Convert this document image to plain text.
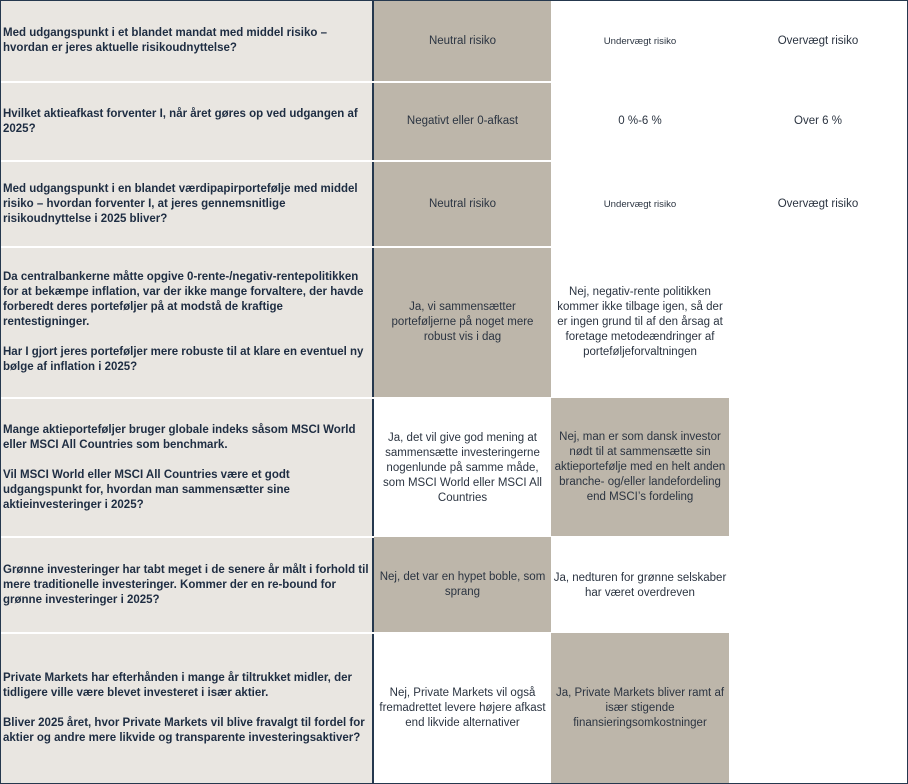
Med udgangspunkt i et blandet mandat med middel risiko – hvordan er jeres aktuelle risikoudnyttelse?	Neutral risiko	Undervægt risiko	Overvægt risiko

Hvilket aktieafkast forventer I, når året gøres op ved udgangen af 2025?	Negativt eller 0-afkast	0 %-6 %	Over 6 %

Med udgangspunkt i en blandet værdipapirportefølje med middel risiko – hvordan forventer I, at jeres gennemsnitlige risikoudnyttelse i 2025 bliver?	Neutral risiko	Undervægt risiko	Overvægt risiko

Da centralbankerne måtte opgive 0-rente-/negativ-rentepolitikken for at bekæmpe inflation, var der ikke mange forvaltere, der havde forberedt deres porteføljer på at modstå de kraftige rentestigninger.
Har I gjort jeres porteføljer mere robuste til at klare en eventuel ny bølge af inflation i 2025?	Ja, vi sammensætter porteføljerne på noget mere robust vis i dag	Nej, negativ-rente politikken kommer ikke tilbage igen, så der er ingen grund til af den årsag at foretage metodeændringer af porteføljeforvaltningen	

Mange aktieporteføljer bruger globale indeks såsom MSCI World eller MSCI All Countries som benchmark.
Vil MSCI World eller MSCI All Countries være et godt udgangspunkt for, hvordan man sammensætter sine aktieinvesteringer i 2025?	Ja, det vil give god mening at sammensætte investeringerne nogenlunde på samme måde, som MSCI World eller MSCI All Countries	Nej, man er som dansk investor nødt til at sammensætte sin aktieportefølje med en helt anden branche- og/eller landefordeling end MSCI’s fordeling	

Grønne investeringer har tabt meget i de senere år målt i forhold til mere traditionelle investeringer. Kommer der en re-bound for grønne investeringer i 2025?	Nej, det var en hypet boble, som sprang	Ja, nedturen for grønne selskaber har været overdreven	

Private Markets har efterhånden i mange år tiltrukket midler, der tidligere ville være blevet investeret i især aktier.
Bliver 2025 året, hvor Private Markets vil blive fravalgt til fordel for aktier og andre mere likvide og transparente investeringsaktiver?	Nej, Private Markets vil også fremadrettet levere højere afkast end likvide alternativer	Ja, Private Markets bliver ramt af især stigende finansieringsomkostninger	
